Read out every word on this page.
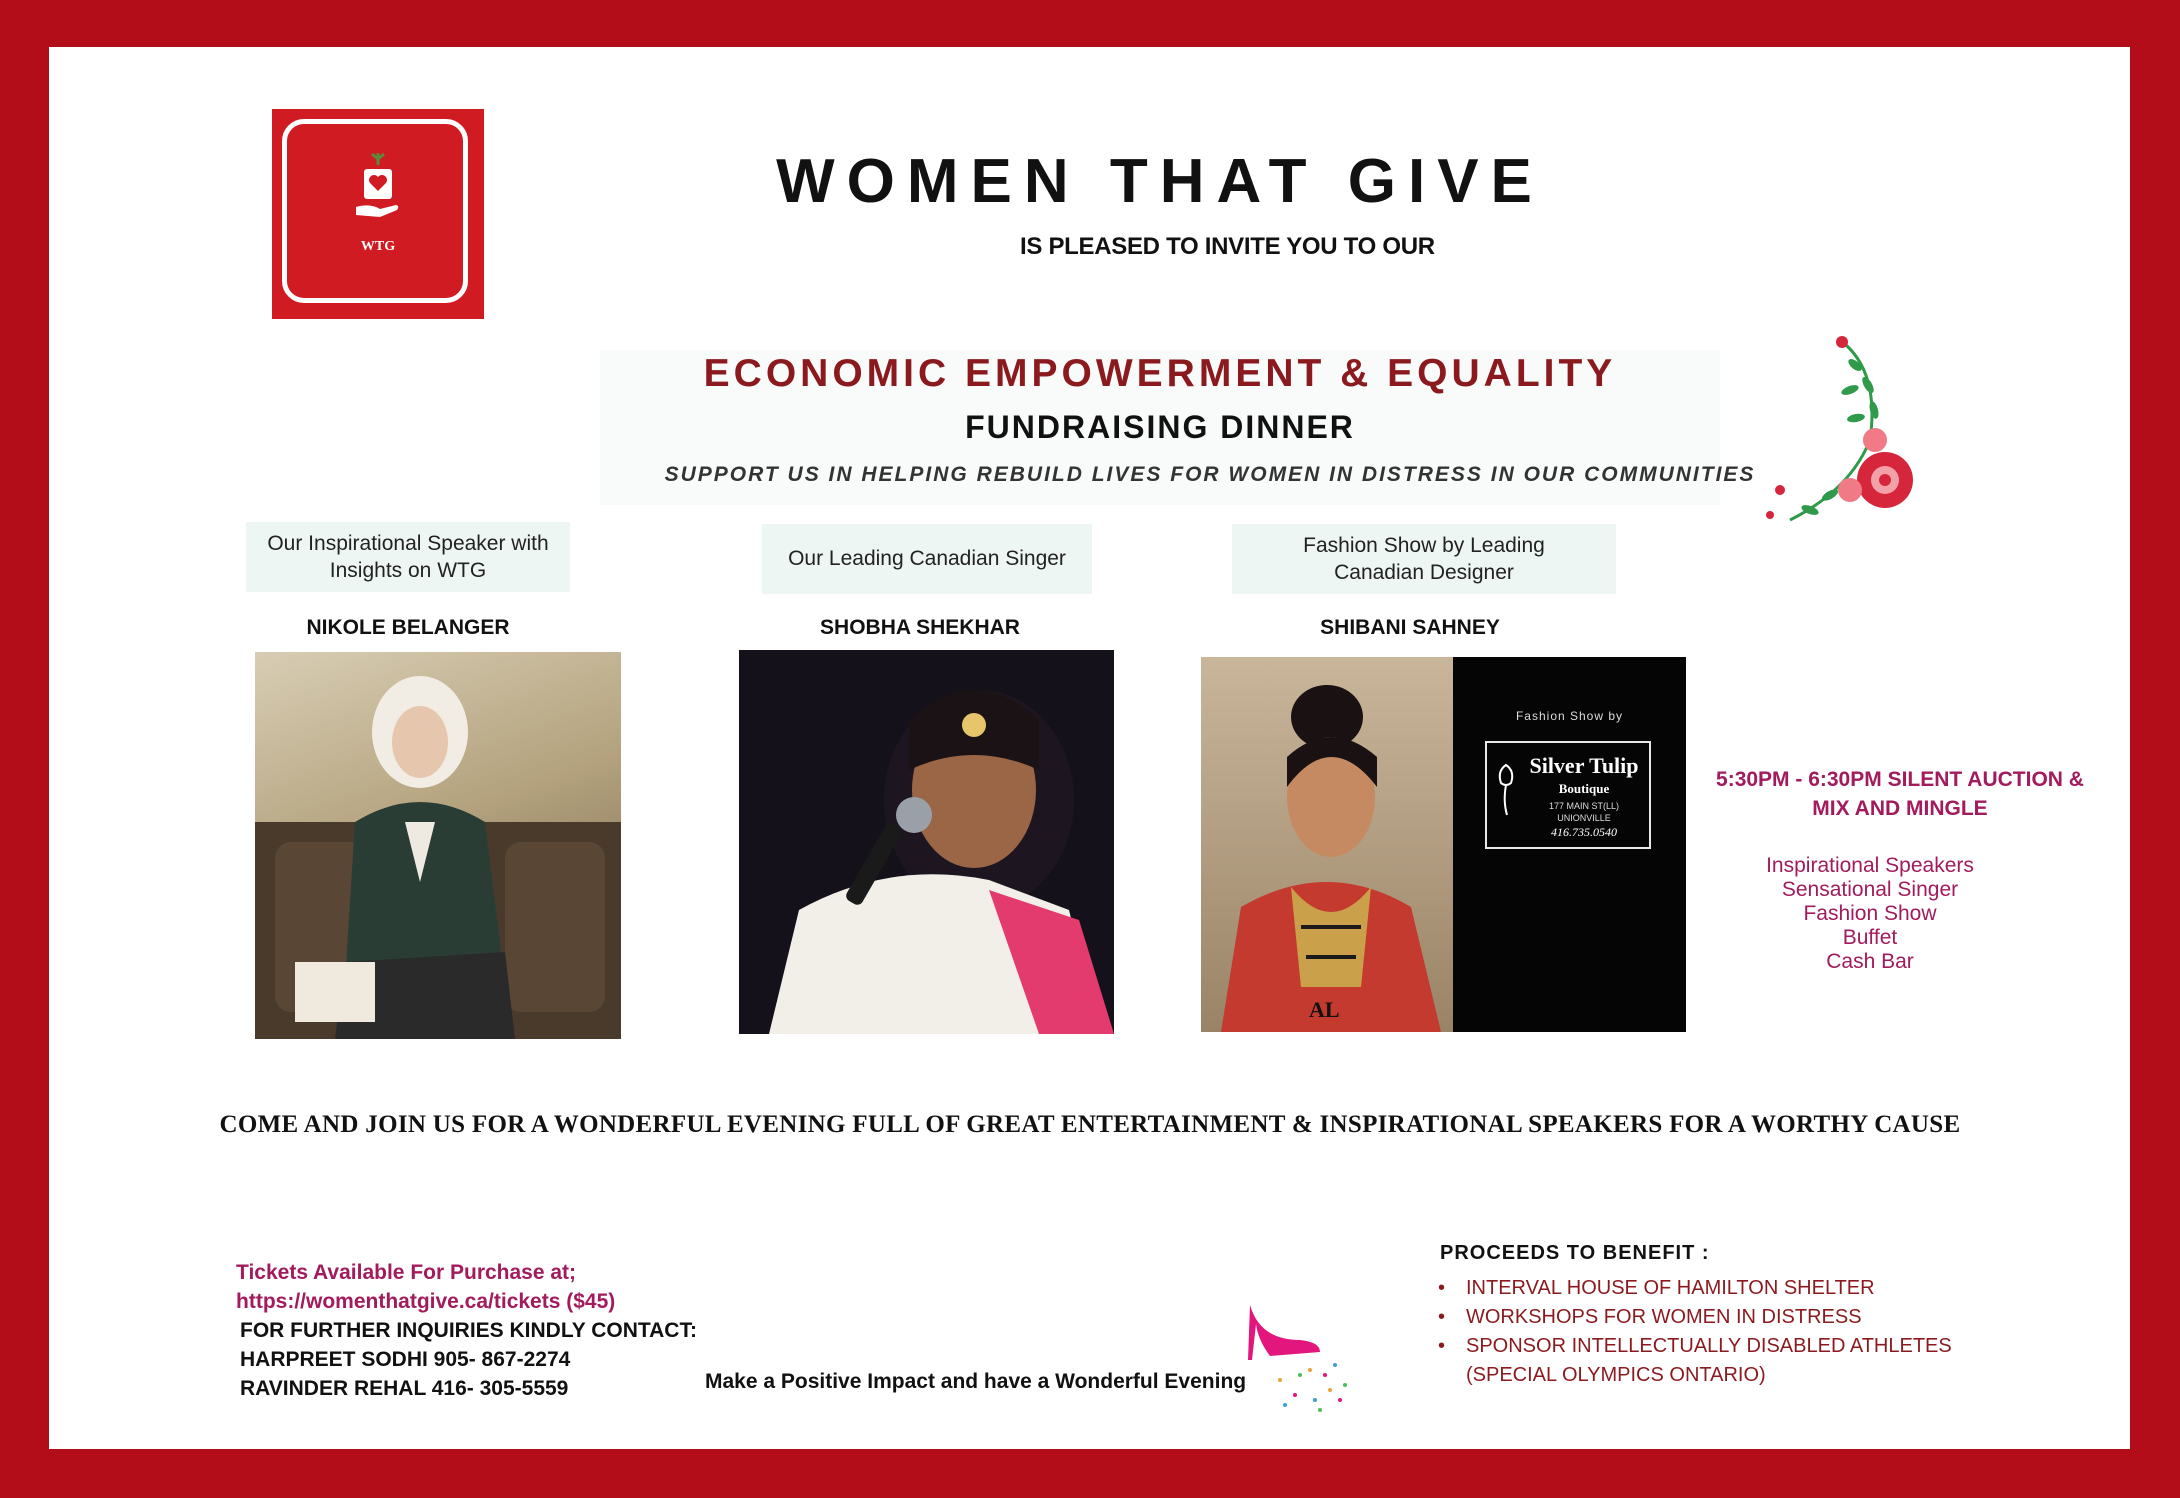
WTG
WOMEN THAT GIVE
IS PLEASED TO INVITE YOU TO OUR
ECONOMIC EMPOWERMENT & EQUALITY
FUNDRAISING DINNER
SUPPORT US IN HELPING REBUILD LIVES FOR WOMEN IN DISTRESS IN OUR COMMUNITIES
Our Inspirational Speaker with
Insights on WTG
Our Leading Canadian Singer
Fashion Show by Leading
Canadian Designer
NIKOLE BELANGER	SHOBHA SHEKHAR	SHIBANI SAHNEY
Fashion Show by
Silver Tulip
Boutique
177 MAIN ST(LL)
UNIONVILLE
416.735.0540
AL
5:30PM - 6:30PM SILENT AUCTION &
MIX AND MINGLE
Inspirational Speakers
Sensational Singer
Fashion Show
Buffet
Cash Bar
COME AND JOIN US FOR A WONDERFUL EVENING FULL OF GREAT ENTERTAINMENT & INSPIRATIONAL SPEAKERS FOR A WORTHY CAUSE
Tickets Available For Purchase at;
https://womenthatgive.ca/tickets ($45)
FOR FURTHER INQUIRIES KINDLY CONTACT:
HARPREET SODHI 905- 867-2274
RAVINDER REHAL 416- 305-5559	Make a Positive Impact and have a Wonderful Evening
PROCEEDS TO BENEFIT :
•	INTERVAL HOUSE OF HAMILTON SHELTER
•	WORKSHOPS FOR WOMEN IN DISTRESS
•	SPONSOR INTELLECTUALLY DISABLED ATHLETES
(SPECIAL OLYMPICS ONTARIO)
